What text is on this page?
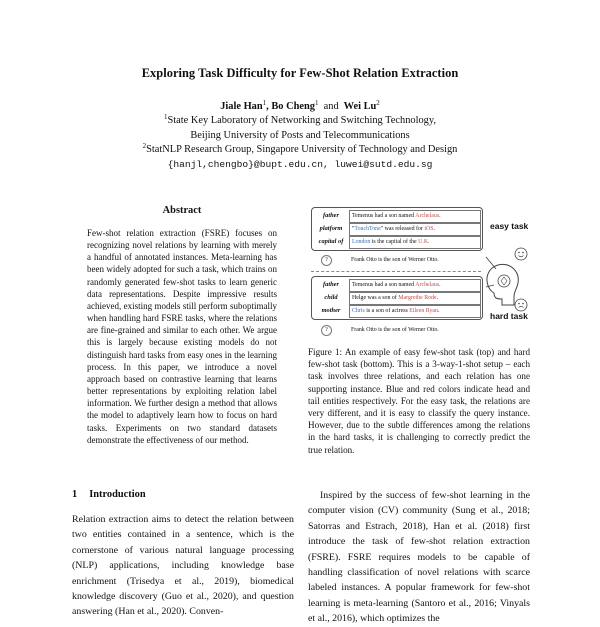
Exploring Task Difficulty for Few-Shot Relation Extraction
Jiale Han$^1$, Bo Cheng$^1$ and Wei Lu$^2$
$^1$State Key Laboratory of Networking and Switching Technology,
Beijing University of Posts and Telecommunications
$^2$StatNLP Research Group, Singapore University of Technology and Design
{hanjl,chengbo}@bupt.edu.cn, luwei@sutd.edu.sg
Abstract
Few-shot relation extraction (FSRE) focuses on recognizing novel relations by learning with merely a handful of annotated instances. Meta-learning has been widely adopted for such a task, which trains on randomly generated few-shot tasks to learn generic data representations. Despite impressive results achieved, existing models still perform suboptimally when handling hard FSRE tasks, where the relations are fine-grained and similar to each other. We argue this is largely because existing models do not distinguish hard tasks from easy ones in the learning process. In this paper, we introduce a novel approach based on contrastive learning that learns better representations by exploiting relation label information. We further design a method that allows the model to adaptively learn how to focus on hard tasks. Experiments on two standard datasets demonstrate the effectiveness of our method.
1 Introduction
Relation extraction aims to detect the relation between two entities contained in a sentence, which is the cornerstone of various natural language processing (NLP) applications, including knowledge base enrichment (Trisedya et al., 2019), biomedical knowledge discovery (Guo et al., 2020), and question answering (Han et al., 2020). Conven-
father	Temenus had a son named Archelaus.
platform	"TouchTone" was released for iOS.
capital of	London is the capital of the U.K.
?	Frank Otto is the son of Werner Otto.
father	Temenus had a son named Archelaus.
child	Helge was a son of Margrethe Rode.
mother	Chris is a son of actress Eileen Ryan.
?	Frank Otto is the son of Werner Otto.
easy task
hard task
Figure 1: An example of easy few-shot task (top) and hard few-shot task (bottom). This is a 3-way-1-shot setup – each task involves three relations, and each relation has one supporting instance. Blue and red colors indicate head and tail entities respectively. For the easy task, the relations are very different, and it is easy to classify the query instance. However, due to the subtle differences among the relations in the hard tasks, it is challenging to correctly predict the true relation.
Inspired by the success of few-shot learning in the computer vision (CV) community (Sung et al., 2018; Satorras and Estrach, 2018), Han et al. (2018) first introduce the task of few-shot relation extraction (FSRE). FSRE requires models to be capable of handling classification of novel relations with scarce labeled instances. A popular framework for few-shot learning is meta-learning (Santoro et al., 2016; Vinyals et al., 2016), which optimizes the
